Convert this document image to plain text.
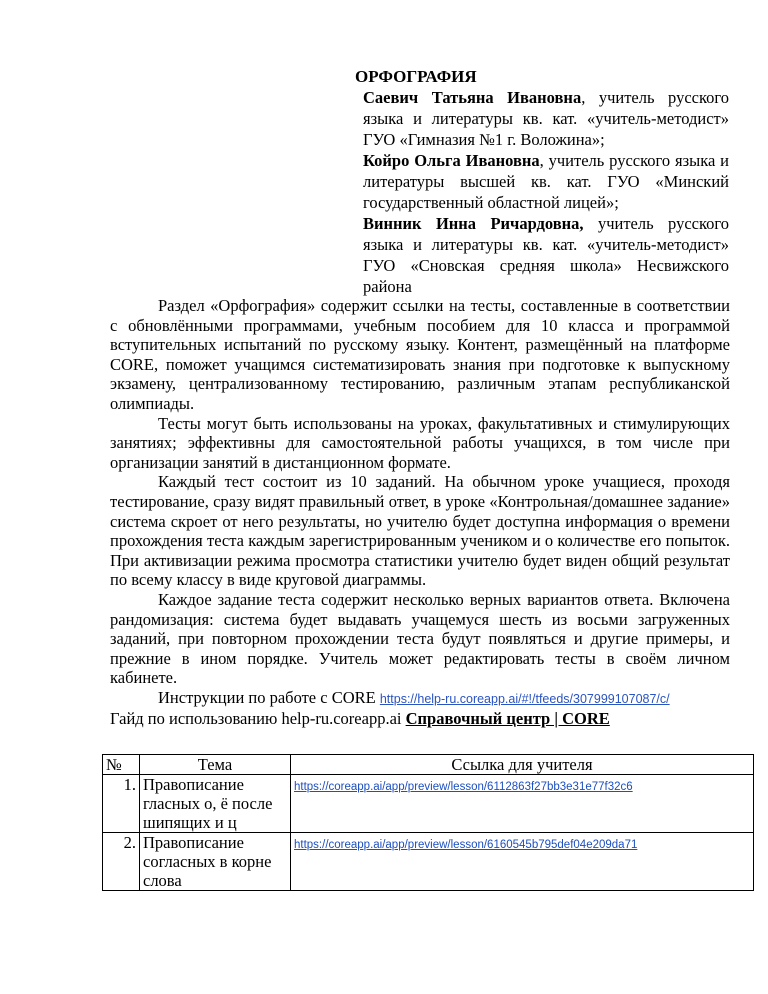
ОРФОГРАФИЯ

Саевич Татьяна Ивановна, учитель русского языка и литературы кв. кат. «учитель-методист» ГУО «Гимназия №1 г. Воложина»;

Койро Ольга Ивановна, учитель русского языка и литературы высшей кв. кат. ГУО «Минский государственный областной лицей»;

Винник Инна Ричардовна, учитель русского языка и литературы кв. кат. «учитель-методист» ГУО «Сновская средняя школа» Несвижского района

Раздел «Орфография» содержит ссылки на тесты, составленные в соответствии с обновлёнными программами, учебным пособием для 10 класса и программой вступительных испытаний по русскому языку. Контент, размещённый на платформе CORE, поможет учащимся систематизировать знания при подготовке к выпускному экзамену, централизованному тестированию, различным этапам республиканской олимпиады.

Тесты могут быть использованы на уроках, факультативных и стимулирующих занятиях; эффективны для самостоятельной работы учащихся, в том числе при организации занятий в дистанционном формате.

Каждый тест состоит из 10 заданий. На обычном уроке учащиеся, проходя тестирование, сразу видят правильный ответ, в уроке «Контрольная/домашнее задание» система скроет от него результаты, но учителю будет доступна информация о времени прохождения теста каждым зарегистрированным учеником и о количестве его попыток. При активизации режима просмотра статистики учителю будет виден общий результат по всему классу в виде круговой диаграммы.

Каждое задание теста содержит несколько верных вариантов ответа. Включена рандомизация: система будет выдавать учащемуся шесть из восьми загруженных заданий, при повторном прохождении теста будут появляться и другие примеры, и прежние в ином порядке. Учитель может редактировать тесты в своём личном кабинете.

Инструкции по работе с CORE https://help-ru.coreapp.ai/#!/tfeeds/307999107087/c/

Гайд по использованию help-ru.coreapp.ai Справочный центр | CORE

№	Тема	Ссылка для учителя
1.	Правописание гласных о, ё после шипящих и ц	https://coreapp.ai/app/preview/lesson/6112863f27bb3e31e77f32c6
2.	Правописание согласных в корне слова	https://coreapp.ai/app/preview/lesson/6160545b795def04e209da71
